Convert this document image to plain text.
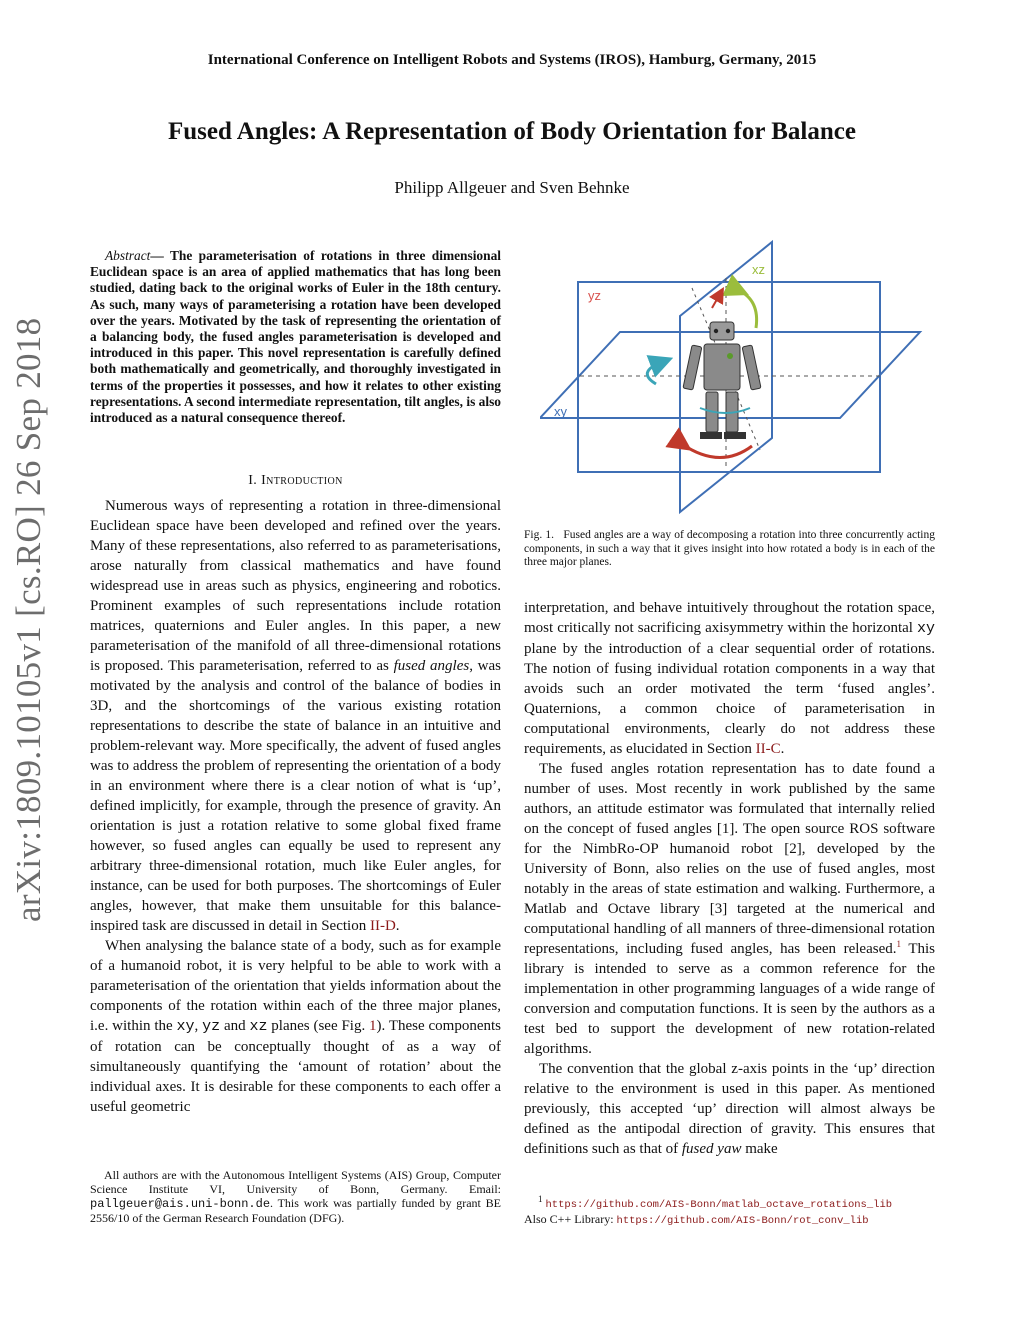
International Conference on Intelligent Robots and Systems (IROS), Hamburg, Germany, 2015
Fused Angles: A Representation of Body Orientation for Balance
Philipp Allgeuer and Sven Behnke
arXiv:1809.10105v1 [cs.RO] 26 Sep 2018
Abstract— The parameterisation of rotations in three dimensional Euclidean space is an area of applied mathematics that has long been studied, dating back to the original works of Euler in the 18th century. As such, many ways of parameterising a rotation have been developed over the years. Motivated by the task of representing the orientation of a balancing body, the fused angles parameterisation is developed and introduced in this paper. This novel representation is carefully defined both mathematically and geometrically, and thoroughly investigated in terms of the properties it possesses, and how it relates to other existing representations. A second intermediate representation, tilt angles, is also introduced as a natural consequence thereof.
I. Introduction

Numerous ways of representing a rotation in three-dimensional Euclidean space have been developed and refined over the years. Many of these representations, also referred to as parameterisations, arose naturally from classical mathematics and have found widespread use in areas such as physics, engineering and robotics. Prominent examples of such representations include rotation matrices, quaternions and Euler angles. In this paper, a new parameterisation of the manifold of all three-dimensional rotations is proposed. This parameterisation, referred to as fused angles, was motivated by the analysis and control of the balance of bodies in 3D, and the shortcomings of the various existing rotation representations to describe the state of balance in an intuitive and problem-relevant way. More specifically, the advent of fused angles was to address the problem of representing the orientation of a body in an environment where there is a clear notion of what is ‘up’, defined implicitly, for example, through the presence of gravity. An orientation is just a rotation relative to some global fixed frame however, so fused angles can equally be used to represent any arbitrary three-dimensional rotation, much like Euler angles, for instance, can be used for both purposes. The shortcomings of Euler angles, however, that make them unsuitable for this balance-inspired task are discussed in detail in Section II-D.

When analysing the balance state of a body, such as for example of a humanoid robot, it is very helpful to be able to work with a parameterisation of the orientation that yields information about the components of the rotation within each of the three major planes, i.e. within the xy, yz and xz planes (see Fig. 1). These components of rotation can be conceptually thought of as a way of simultaneously quantifying the ‘amount of rotation’ about the individual axes. It is desirable for these components to each offer a useful geometric

All authors are with the Autonomous Intelligent Systems (AIS) Group, Computer Science Institute VI, University of Bonn, Germany. Email: pallgeuer@ais.uni-bonn.de. This work was partially funded by grant BE 2556/10 of the German Research Foundation (DFG).
xy
yz
xz
Fig. 1. Fused angles are a way of decomposing a rotation into three concurrently acting components, in such a way that it gives insight into how rotated a body is in each of the three major planes.

interpretation, and behave intuitively throughout the rotation space, most critically not sacrificing axisymmetry within the horizontal xy plane by the introduction of a clear sequential order of rotations. The notion of fusing individual rotation components in a way that avoids such an order motivated the term ‘fused angles’. Quaternions, a common choice of parameterisation in computational environments, clearly do not address these requirements, as elucidated in Section II-C.

The fused angles rotation representation has to date found a number of uses. Most recently in work published by the same authors, an attitude estimator was formulated that internally relied on the concept of fused angles [1]. The open source ROS software for the NimbRo-OP humanoid robot [2], developed by the University of Bonn, also relies on the use of fused angles, most notably in the areas of state estimation and walking. Furthermore, a Matlab and Octave library [3] targeted at the numerical and computational handling of all manners of three-dimensional rotation representations, including fused angles, has been released.$^1$ This library is intended to serve as a common reference for the implementation in other programming languages of a wide range of conversion and computation functions. It is seen by the authors as a test bed to support the development of new rotation-related algorithms.

The convention that the global z-axis points in the ‘up’ direction relative to the environment is used in this paper. As mentioned previously, this accepted ‘up’ direction will almost always be defined as the antipodal direction of gravity. This ensures that definitions such as that of fused yaw make

$^1$ https://github.com/AIS-Bonn/matlab_octave_rotations_lib
Also C++ Library: https://github.com/AIS-Bonn/rot_conv_lib
